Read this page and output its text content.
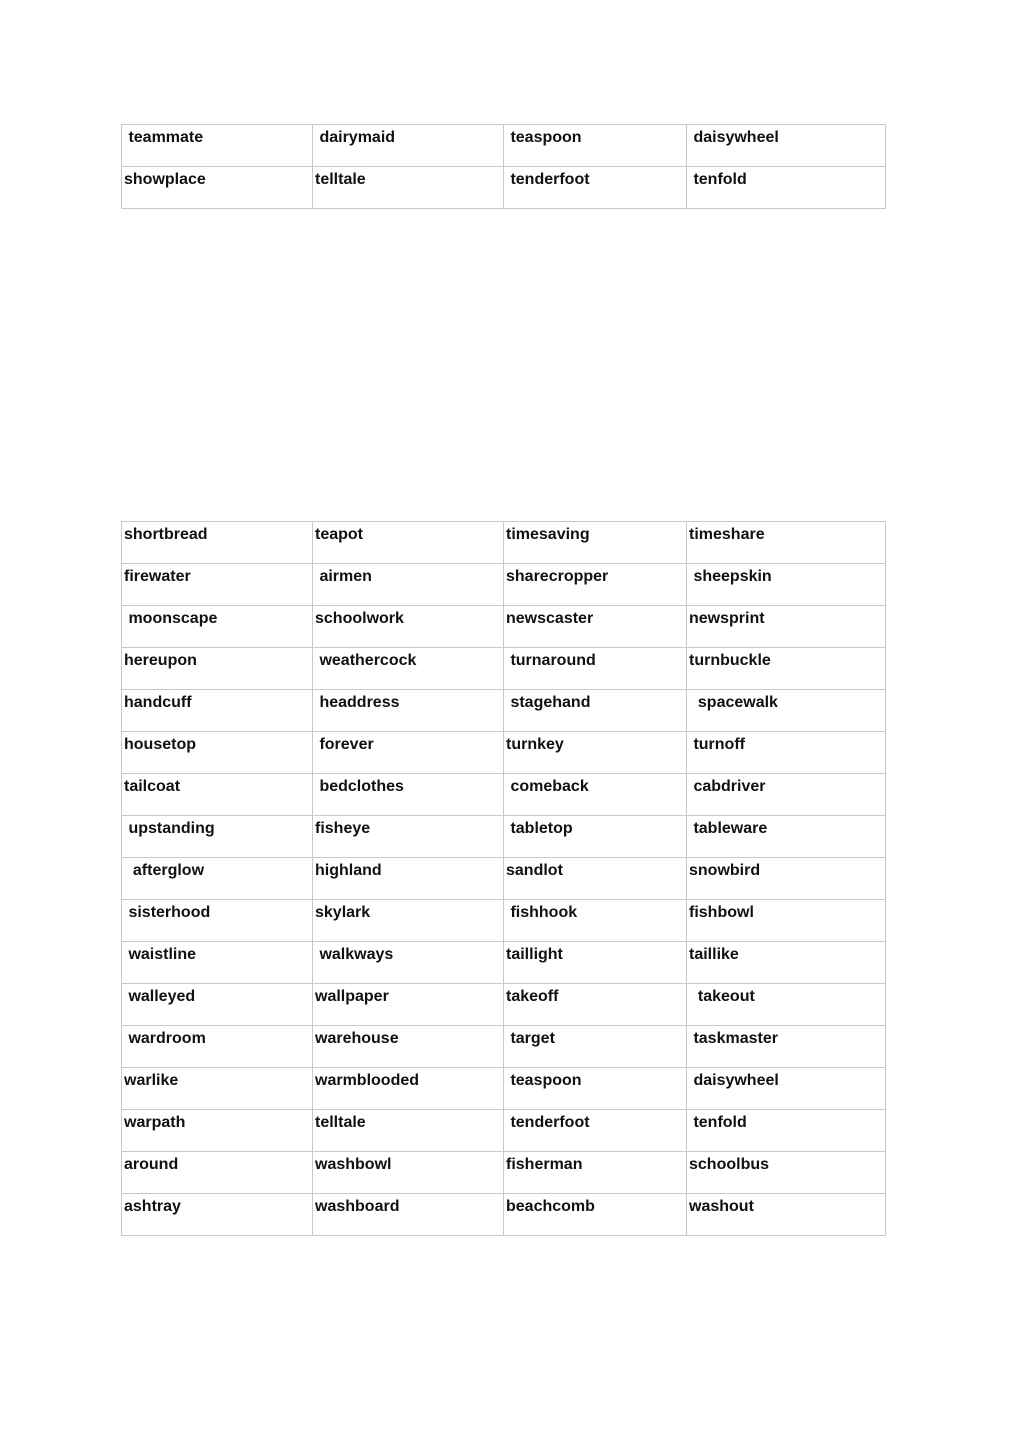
teammate	dairymaid	teaspoon	daisywheel
showplace	telltale	tenderfoot	tenfold
shortbread	teapot	timesaving	timeshare
firewater	airmen	sharecropper	sheepskin
moonscape	schoolwork	newscaster	newsprint
hereupon	weathercock	turnaround	turnbuckle
handcuff	headdress	stagehand	spacewalk
housetop	forever	turnkey	turnoff
tailcoat	bedclothes	comeback	cabdriver
upstanding	fisheye	tabletop	tableware
afterglow	highland	sandlot	snowbird
sisterhood	skylark	fishhook	fishbowl
waistline	walkways	taillight	taillike
walleyed	wallpaper	takeoff	takeout
wardroom	warehouse	target	taskmaster
warlike	warmblooded	teaspoon	daisywheel
warpath	telltale	tenderfoot	tenfold
around	washbowl	fisherman	schoolbus
ashtray	washboard	beachcomb	washout
